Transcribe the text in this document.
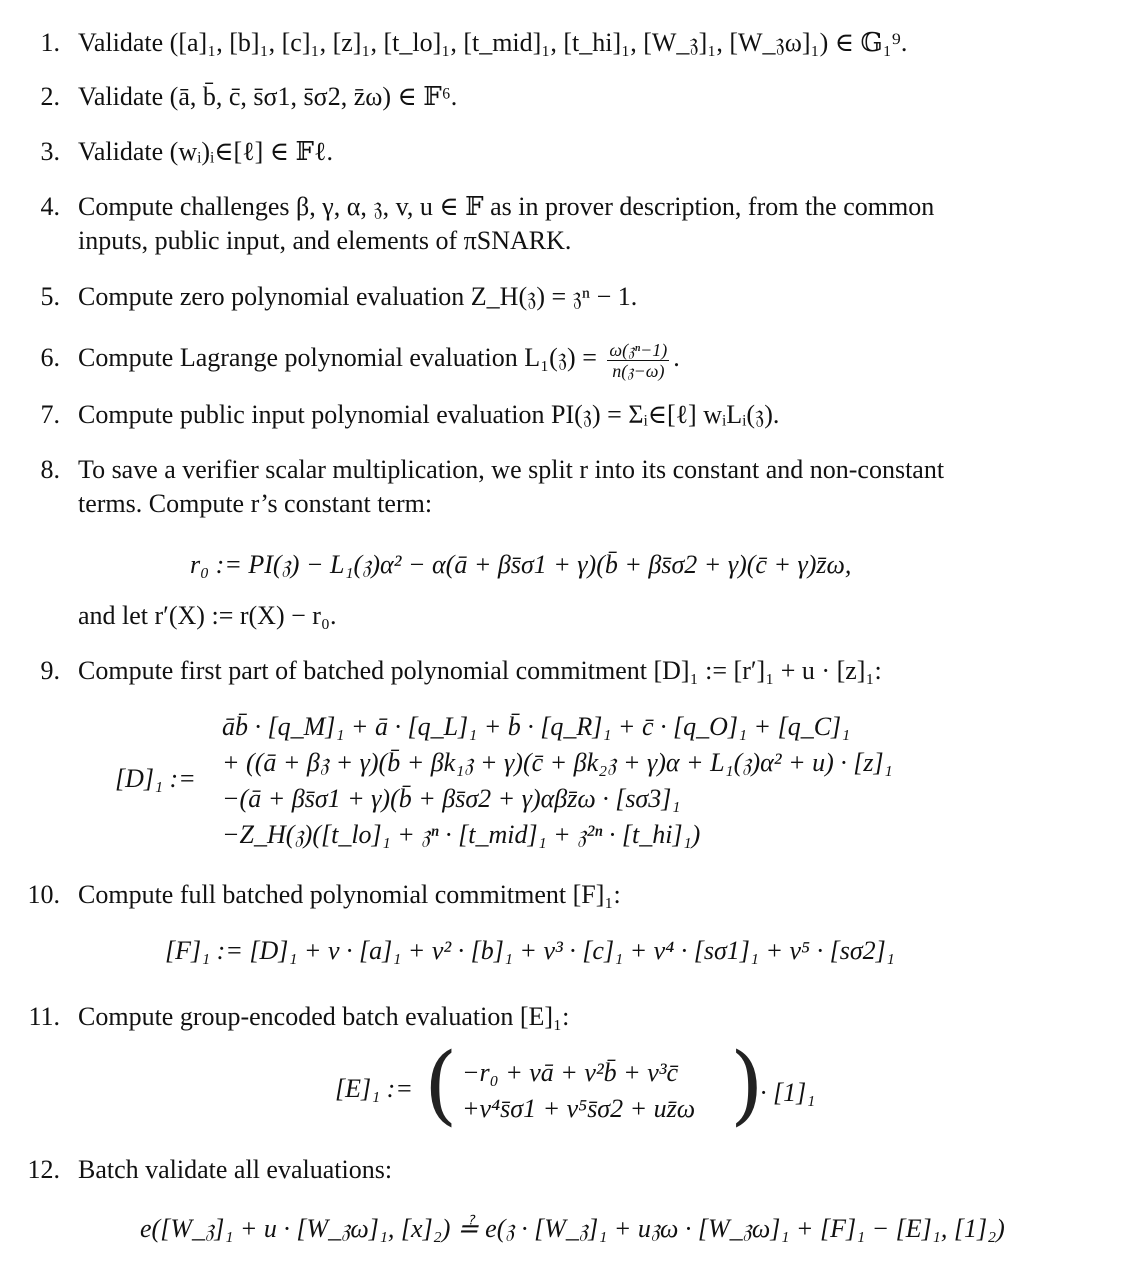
1. Validate ([a]₁, [b]₁, [c]₁, [z]₁, [t_lo]₁, [t_mid]₁, [t_hi]₁, [W_𝔷]₁, [W_𝔷ω]₁) ∈ 𝔾₁⁹.
2. Validate (ā, b̄, c̄, s̄σ1, s̄σ2, z̄ω) ∈ 𝔽⁶.
3. Validate (wᵢ)ᵢ∈[ℓ] ∈ 𝔽ℓ.
4. Compute challenges β, γ, α, 𝔷, v, u ∈ 𝔽 as in prover description, from the common
inputs, public input, and elements of πSNARK.
5. Compute zero polynomial evaluation Z_H(𝔷) = 𝔷ⁿ − 1.
6. Compute Lagrange polynomial evaluation L₁(𝔷) = $\frac{\text{ω(𝔷ⁿ−1)}}{\text{n(𝔷−ω)}}$ .
7. Compute public input polynomial evaluation PI(𝔷) = Σᵢ∈[ℓ] wᵢLᵢ(𝔷).
8. To save a verifier scalar multiplication, we split r into its constant and non-constant
terms. Compute r’s constant term:
r₀ := PI(𝔷) − L₁(𝔷)α² − α(ā + βs̄σ1 + γ)(b̄ + βs̄σ2 + γ)(c̄ + γ)z̄ω,
and let r′(X) := r(X) − r₀.
9. Compute first part of batched polynomial commitment [D]₁ := [r′]₁ + u · [z]₁:
[D]₁ :=
āb̄ · [q_M]₁ + ā · [q_L]₁ + b̄ · [q_R]₁ + c̄ · [q_O]₁ + [q_C]₁
+ ((ā + β𝔷 + γ)(b̄ + βk₁𝔷 + γ)(c̄ + βk₂𝔷 + γ)α + L₁(𝔷)α² + u) · [z]₁
−(ā + βs̄σ1 + γ)(b̄ + βs̄σ2 + γ)αβz̄ω · [sσ3]₁
−Z_H(𝔷)([t_lo]₁ + 𝔷ⁿ · [t_mid]₁ + 𝔷²ⁿ · [t_hi]₁)
10. Compute full batched polynomial commitment [F]₁:
[F]₁ := [D]₁ + v · [a]₁ + v² · [b]₁ + v³ · [c]₁ + v⁴ · [sσ1]₁ + v⁵ · [sσ2]₁
11. Compute group-encoded batch evaluation [E]₁:
[E]₁ := ( −r₀ + vā + v²b̄ + v³c̄
+v⁴s̄σ1 + v⁵s̄σ2 + uz̄ω )
· [1]₁
12. Batch validate all evaluations:
e([W_𝔷]₁ + u · [W_𝔷ω]₁, [x]₂) ≟ e(𝔷 · [W_𝔷]₁ + u𝔷ω · [W_𝔷ω]₁ + [F]₁ − [E]₁, [1]₂)
